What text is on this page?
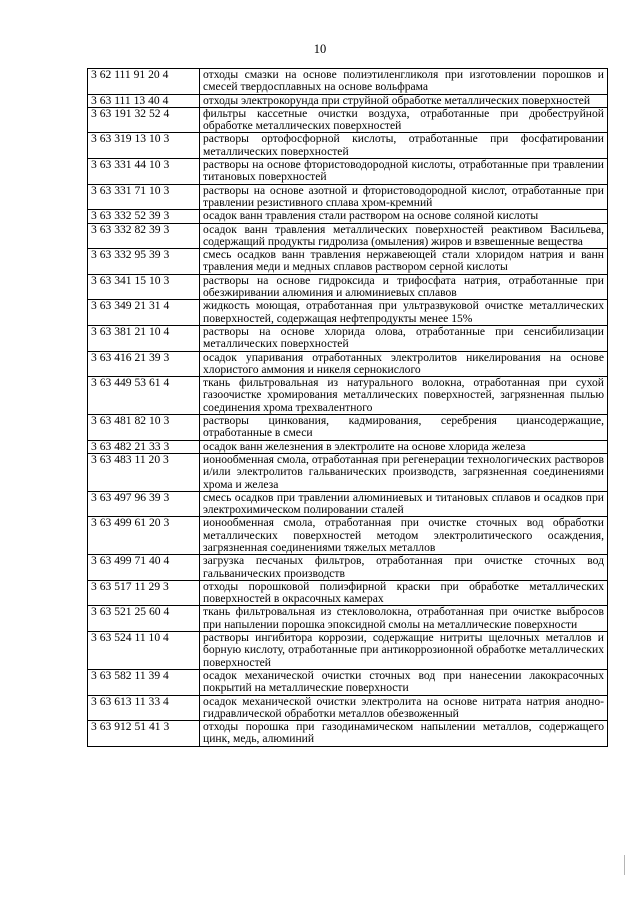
10
3 62 111 91 20 4	отходы смазки на основе полиэтиленгликоля при изготовлении порошков и смесей твердосплавных на основе вольфрама
3 63 111 13 40 4	отходы электрокорунда при струйной обработке металлических поверхностей
3 63 191 32 52 4	фильтры кассетные очистки воздуха, отработанные при дробеструйной обработке металлических поверхностей
3 63 319 13 10 3	растворы ортофосфорной кислоты, отработанные при фосфатировании металлических поверхностей
3 63 331 44 10 3	растворы на основе фтористоводородной кислоты, отработанные при травлении титановых поверхностей
3 63 331 71 10 3	растворы на основе азотной и фтористоводородной кислот, отработанные при травлении резистивного сплава хром-кремний
3 63 332 52 39 3	осадок ванн травления стали раствором на основе соляной кислоты
3 63 332 82 39 3	осадок ванн травления металлических поверхностей реактивом Васильева, содержащий продукты гидролиза (омыления) жиров и взвешенные вещества
3 63 332 95 39 3	смесь осадков ванн травления нержавеющей стали хлоридом натрия и ванн травления меди и медных сплавов раствором серной кислоты
3 63 341 15 10 3	растворы на основе гидроксида и трифосфата натрия, отработанные при обезжиривании алюминия и алюминиевых сплавов
3 63 349 21 31 4	жидкость моющая, отработанная при ультразвуковой очистке металлических поверхностей, содержащая нефтепродукты менее 15%
3 63 381 21 10 4	растворы на основе хлорида олова, отработанные при сенсибилизации металлических поверхностей
3 63 416 21 39 3	осадок упаривания отработанных электролитов никелирования на основе хлористого аммония и никеля сернокислого
3 63 449 53 61 4	ткань фильтровальная из натурального волокна, отработанная при сухой газоочистке хромирования металлических поверхностей, загрязненная пылью соединения хрома трехвалентного
3 63 481 82 10 3	растворы цинкования, кадмирования, серебрения циансодержащие, отработанные в смеси
3 63 482 21 33 3	осадок ванн железнения в электролите на основе хлорида железа
3 63 483 11 20 3	ионообменная смола, отработанная при регенерации технологических растворов и/или электролитов гальванических производств, загрязненная соединениями хрома и железа
3 63 497 96 39 3	смесь осадков при травлении алюминиевых и титановых сплавов и осадков при электрохимическом полировании сталей
3 63 499 61 20 3	ионообменная смола, отработанная при очистке сточных вод обработки металлических поверхностей методом электролитического осаждения, загрязненная соединениями тяжелых металлов
3 63 499 71 40 4	загрузка песчаных фильтров, отработанная при очистке сточных вод гальванических производств
3 63 517 11 29 3	отходы порошковой полиэфирной краски при обработке металлических поверхностей в окрасочных камерах
3 63 521 25 60 4	ткань фильтровальная из стекловолокна, отработанная при очистке выбросов при напылении порошка эпоксидной смолы на металлические поверхности
3 63 524 11 10 4	растворы ингибитора коррозии, содержащие нитриты щелочных металлов и борную кислоту, отработанные при антикоррозионной обработке металлических поверхностей
3 63 582 11 39 4	осадок механической очистки сточных вод при нанесении лакокрасочных покрытий на металлические поверхности
3 63 613 11 33 4	осадок механической очистки электролита на основе нитрата натрия анодно-гидравлической обработки металлов обезвоженный
3 63 912 51 41 3	отходы порошка при газодинамическом напылении металлов, содержащего цинк, медь, алюминий
